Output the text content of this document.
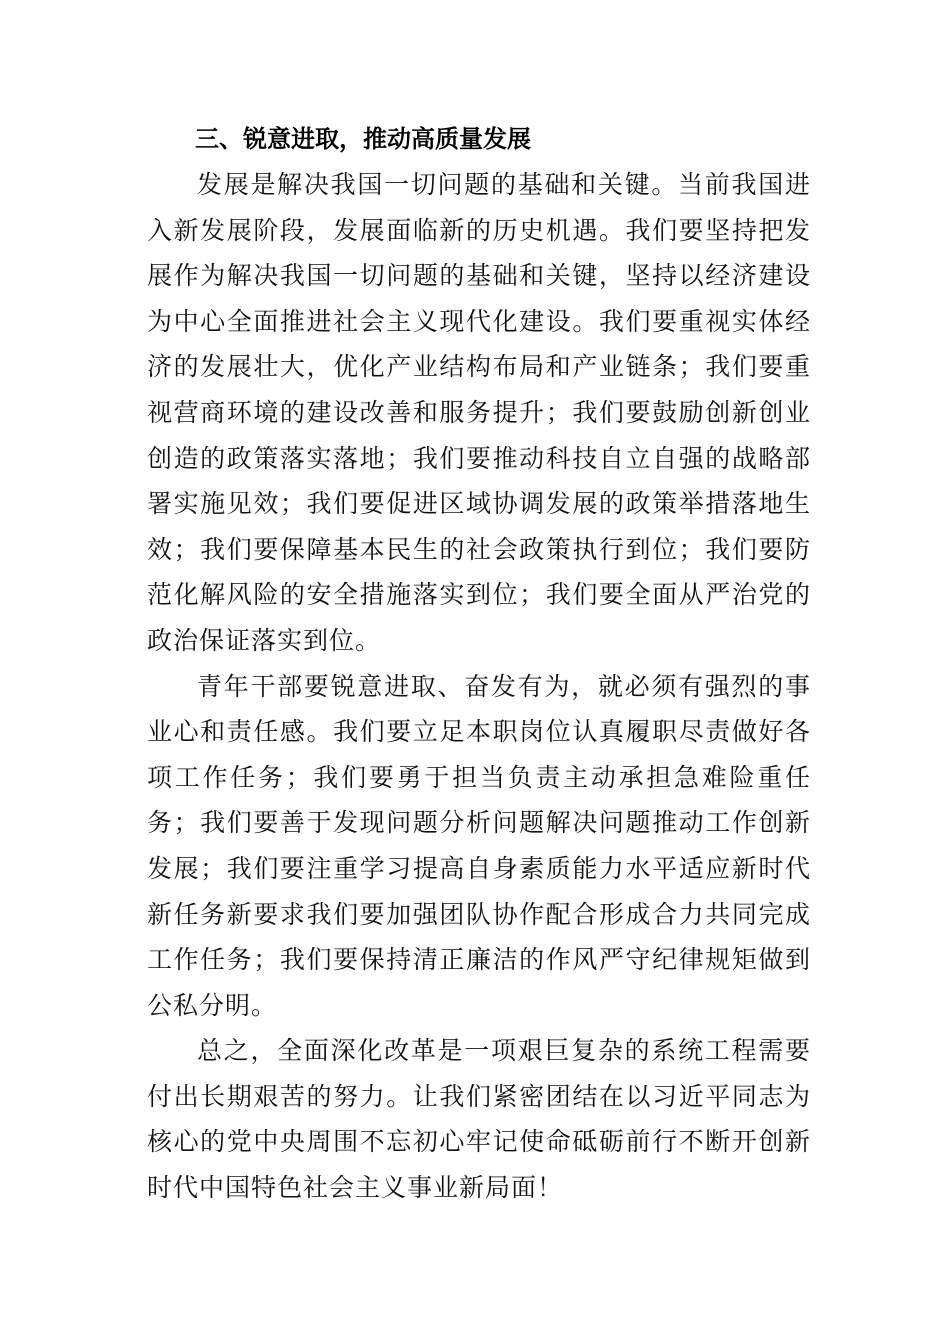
三、锐意进取，推动高质量发展

发展是解决我国一切问题的基础和关键。当前我国进入新发展阶段，发展面临新的历史机遇。我们要坚持把发展作为解决我国一切问题的基础和关键，坚持以经济建设为中心全面推进社会主义现代化建设。我们要重视实体经济的发展壮大，优化产业结构布局和产业链条；我们要重视营商环境的建设改善和服务提升；我们要鼓励创新创业创造的政策落实落地；我们要推动科技自立自强的战略部署实施见效；我们要促进区域协调发展的政策举措落地生效；我们要保障基本民生的社会政策执行到位；我们要防范化解风险的安全措施落实到位；我们要全面从严治党的政治保证落实到位。

青年干部要锐意进取、奋发有为，就必须有强烈的事业心和责任感。我们要立足本职岗位认真履职尽责做好各项工作任务；我们要勇于担当负责主动承担急难险重任务；我们要善于发现问题分析问题解决问题推动工作创新发展；我们要注重学习提高自身素质能力水平适应新时代新任务新要求我们要加强团队协作配合形成合力共同完成工作任务；我们要保持清正廉洁的作风严守纪律规矩做到公私分明。

总之，全面深化改革是一项艰巨复杂的系统工程需要付出长期艰苦的努力。让我们紧密团结在以习近平同志为核心的党中央周围不忘初心牢记使命砥砺前行不断开创新时代中国特色社会主义事业新局面！
